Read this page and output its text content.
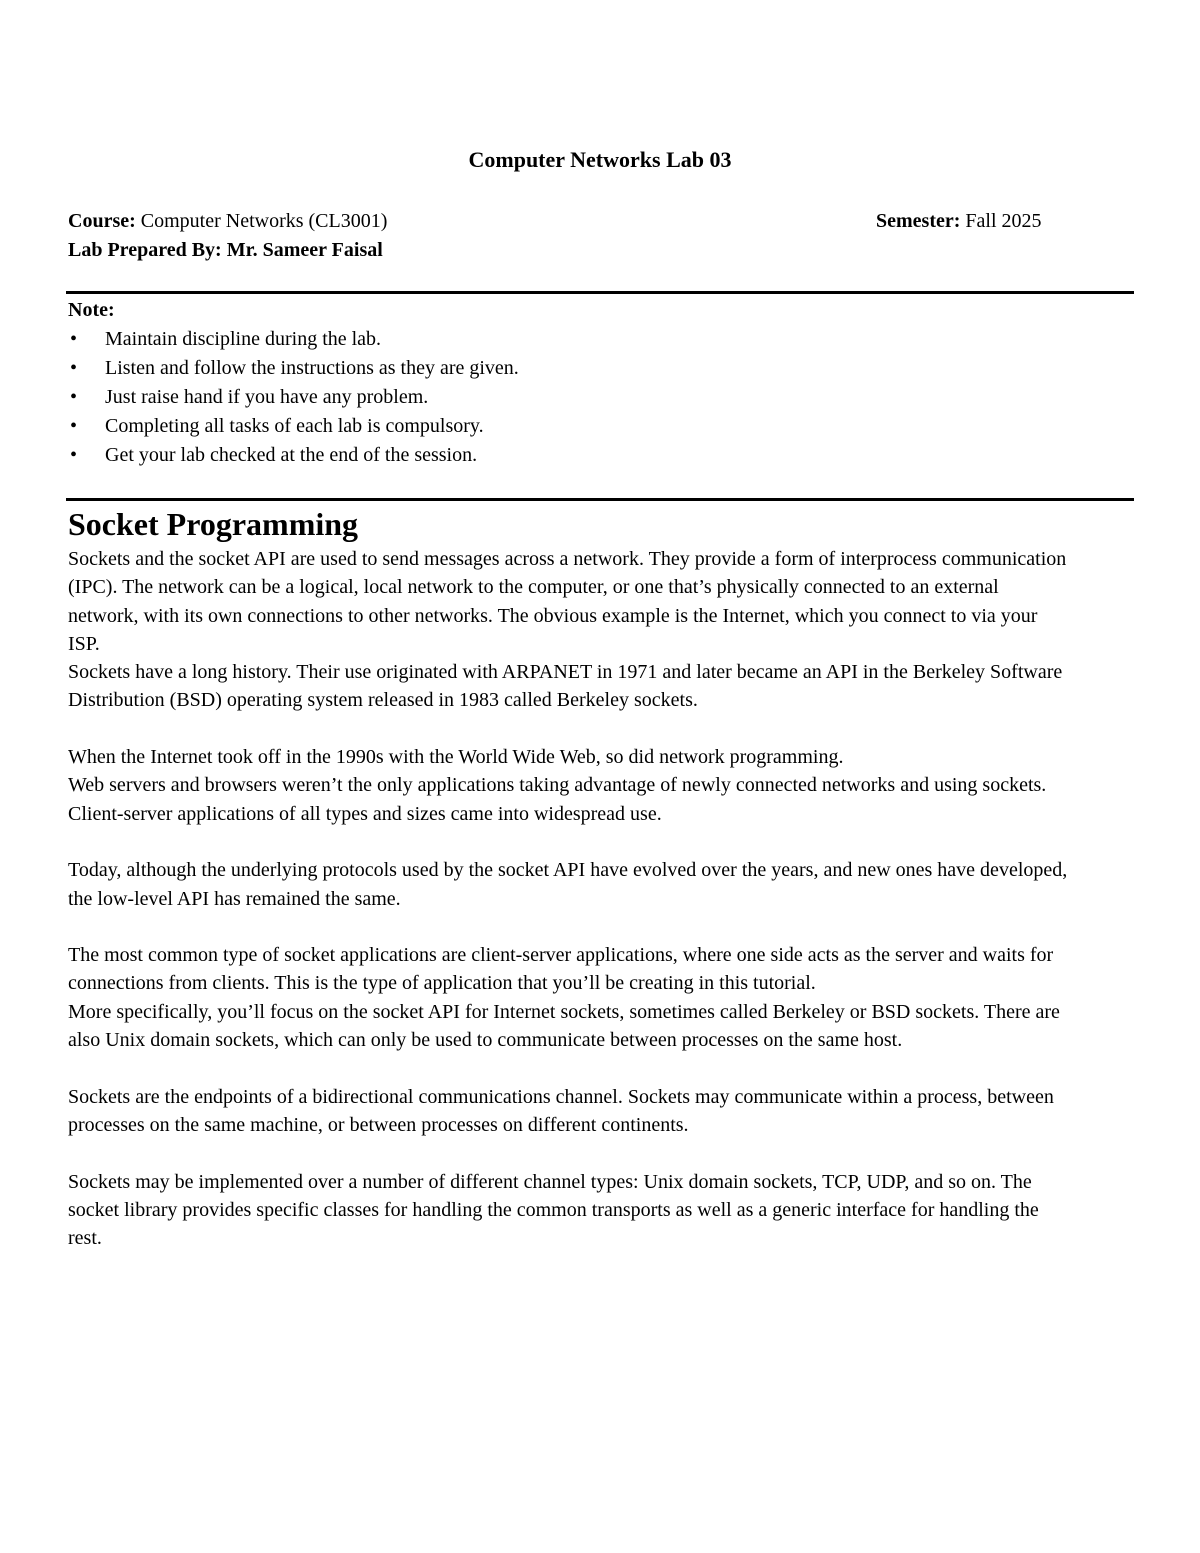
Computer Networks Lab 03
Course: Computer Networks (CL3001)	Semester: Fall 2025
Lab Prepared By: Mr. Sameer Faisal
Note:
• Maintain discipline during the lab.
• Listen and follow the instructions as they are given.
• Just raise hand if you have any problem.
• Completing all tasks of each lab is compulsory.
• Get your lab checked at the end of the session.
Socket Programming

Sockets and the socket API are used to send messages across a network. They provide a form of interprocess communication (IPC). The network can be a logical, local network to the computer, or one that’s physically connected to an external network, with its own connections to other networks. The obvious example is the Internet, which you connect to via your ISP.

Sockets have a long history. Their use originated with ARPANET in 1971 and later became an API in the Berkeley Software Distribution (BSD) operating system released in 1983 called Berkeley sockets.

When the Internet took off in the 1990s with the World Wide Web, so did network programming.

Web servers and browsers weren’t the only applications taking advantage of newly connected networks and using sockets. Client-server applications of all types and sizes came into widespread use.

Today, although the underlying protocols used by the socket API have evolved over the years, and new ones have developed, the low-level API has remained the same.

The most common type of socket applications are client-server applications, where one side acts as the server and waits for connections from clients. This is the type of application that you’ll be creating in this tutorial.

More specifically, you’ll focus on the socket API for Internet sockets, sometimes called Berkeley or BSD sockets. There are also Unix domain sockets, which can only be used to communicate between processes on the same host.

Sockets are the endpoints of a bidirectional communications channel. Sockets may communicate within a process, between processes on the same machine, or between processes on different continents.

Sockets may be implemented over a number of different channel types: Unix domain sockets, TCP, UDP, and so on. The socket library provides specific classes for handling the common transports as well as a generic interface for handling the rest.
